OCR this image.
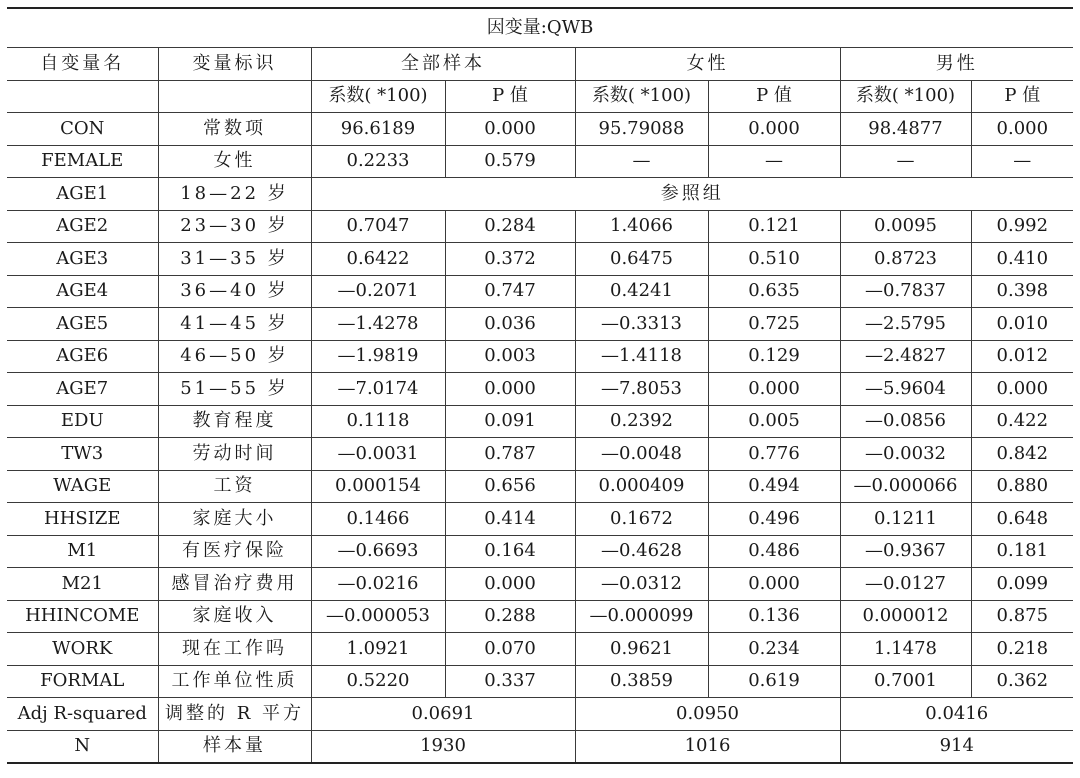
因变量:QWB							
自变量名	变量标识	全部样本		女性		男性	
		系数( *100)	P 值	系数( *100)	P 值	系数( *100)	P 值
CON	常数项	96.6189	0.000	95.79088	0.000	98.4877	0.000
FEMALE	女性	0.2233	0.579	—	—	—	—
AGE1	18—22 岁	参照组					
AGE2	23—30 岁	0.7047	0.284	1.4066	0.121	0.0095	0.992
AGE3	31—35 岁	0.6422	0.372	0.6475	0.510	0.8723	0.410
AGE4	36—40 岁	—0.2071	0.747	0.4241	0.635	—0.7837	0.398
AGE5	41—45 岁	—1.4278	0.036	—0.3313	0.725	—2.5795	0.010
AGE6	46—50 岁	—1.9819	0.003	—1.4118	0.129	—2.4827	0.012
AGE7	51—55 岁	—7.0174	0.000	—7.8053	0.000	—5.9604	0.000
EDU	教育程度	0.1118	0.091	0.2392	0.005	—0.0856	0.422
TW3	劳动时间	—0.0031	0.787	—0.0048	0.776	—0.0032	0.842
WAGE	工资	0.000154	0.656	0.000409	0.494	—0.000066	0.880
HHSIZE	家庭大小	0.1466	0.414	0.1672	0.496	0.1211	0.648
M1	有医疗保险	—0.6693	0.164	—0.4628	0.486	—0.9367	0.181
M21	感冒治疗费用	—0.0216	0.000	—0.0312	0.000	—0.0127	0.099
HHINCOME	家庭收入	—0.000053	0.288	—0.000099	0.136	0.000012	0.875
WORK	现在工作吗	1.0921	0.070	0.9621	0.234	1.1478	0.218
FORMAL	工作单位性质	0.5220	0.337	0.3859	0.619	0.7001	0.362
Adj R-squared	调整的 R 平方	0.0691		0.0950		0.0416	
N	样本量	1930		1016		914	
